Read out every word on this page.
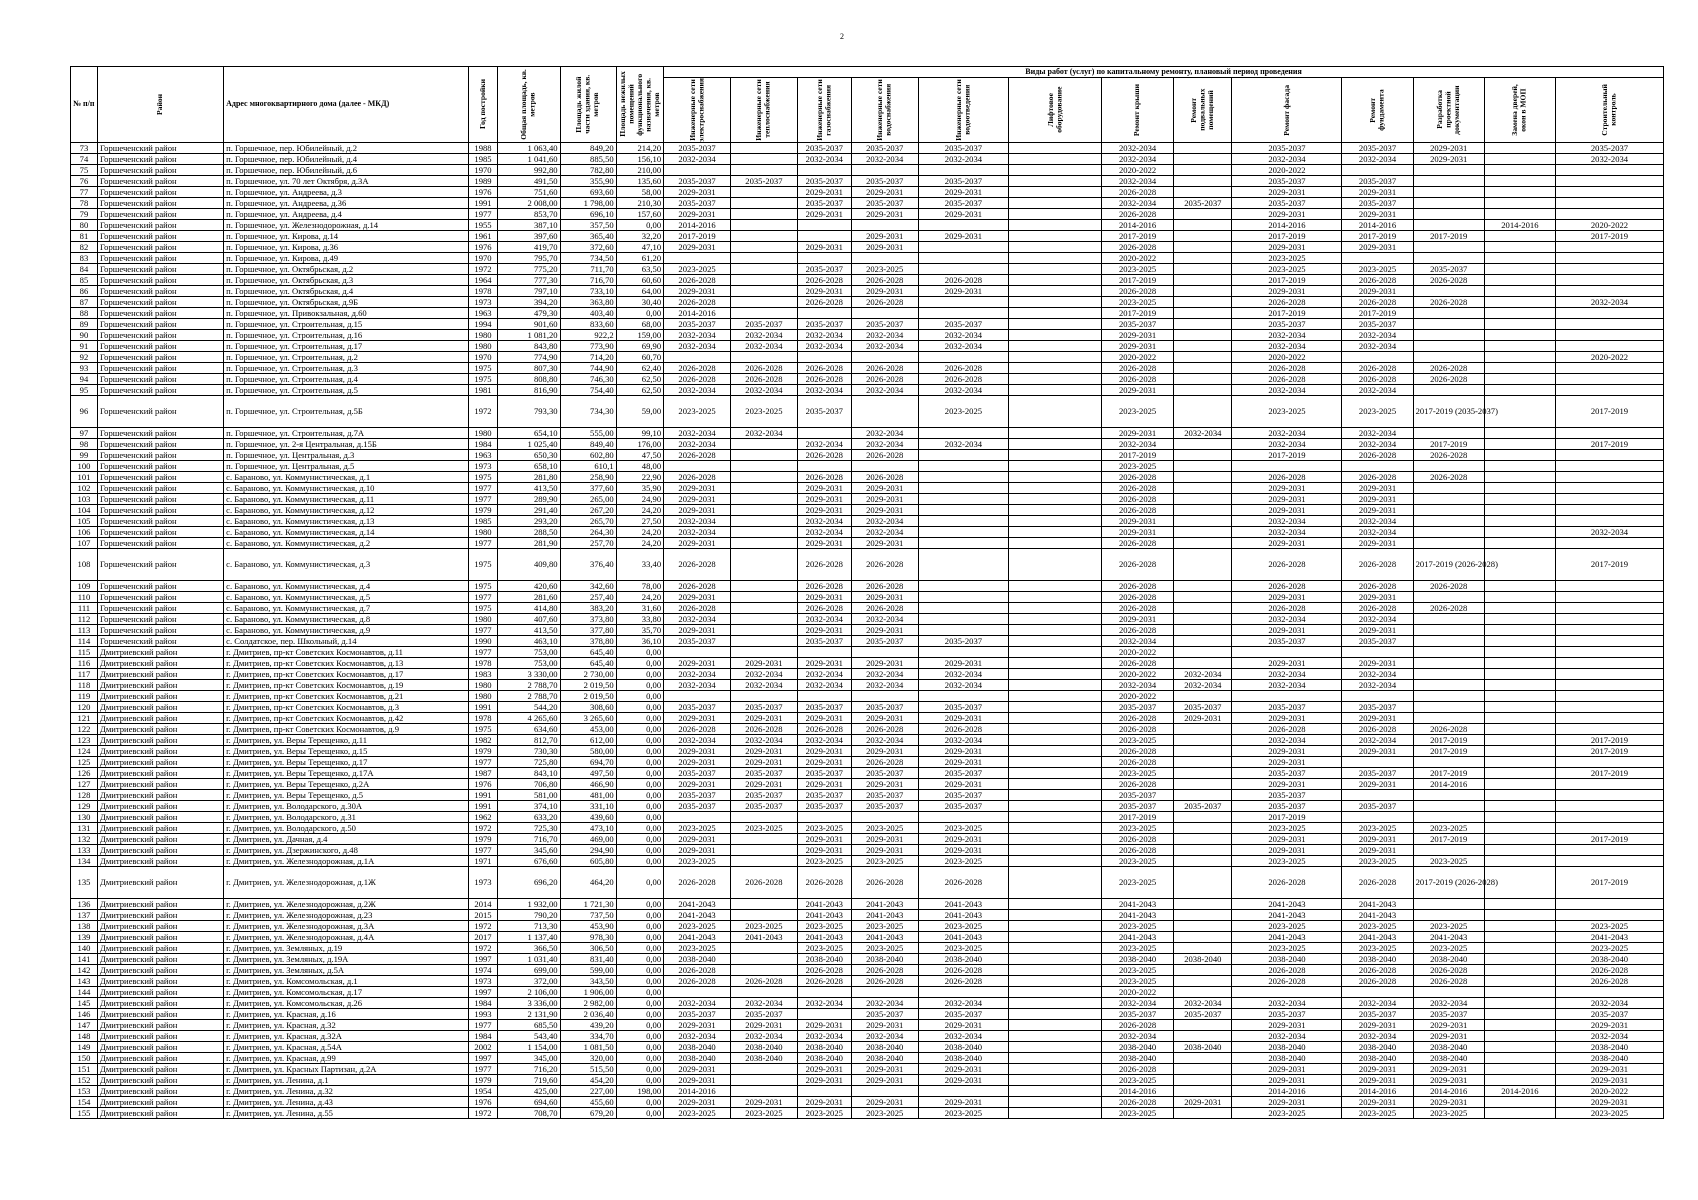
2
№ п/п	Район	Адрес многоквартирного дома (далее - МКД)	Год постройки	Общая площадь, кв. метров	Площадь жилой части здания, кв. метров	Площадь нежилых помещений функционального назначения, кв. метров	Виды работ (услуг) по капитальному ремонту, плановый период проведения												

							Инженерные сети электроснабжения	Инженерные сети теплоснабжения	Инженерные сети газоснабжения	Инженерные сети водоснабжения	Инженерные сети водоотведения	Лифтовое оборудование	Ремонт крыши	Ремонт подвальных помещений	Ремонт фасада	Ремонт фундамента	Разработка проектной документации	Замена дверей, окон в МОП	Строительный контроль

73	Горшеченский район	п. Горшечное, пер. Юбилейный, д.2	1988	1 063,40	849,20	214,20	2035-2037		2035-2037	2035-2037	2035-2037		2032-2034		2035-2037	2035-2037	2029-2031		2035-2037
74	Горшеченский район	п. Горшечное, пер. Юбилейный, д.4	1985	1 041,60	885,50	156,10	2032-2034		2032-2034	2032-2034	2032-2034		2032-2034		2032-2034	2032-2034	2029-2031		2032-2034
75	Горшеченский район	п. Горшечное, пер. Юбилейный, д.6	1970	992,80	782,80	210,00							2020-2022		2020-2022				
76	Горшеченский район	п. Горшечное, ул. 70 лет Октября, д.3А	1989	491,50	355,90	135,60	2035-2037	2035-2037	2035-2037	2035-2037	2035-2037		2032-2034		2035-2037	2035-2037			
77	Горшеченский район	п. Горшечное, ул. Андреева, д.3	1976	751,60	693,60	58,00	2029-2031		2029-2031	2029-2031	2029-2031		2026-2028		2029-2031	2029-2031			
78	Горшеченский район	п. Горшечное, ул. Андреева, д.36	1991	2 008,00	1 798,00	210,30	2035-2037		2035-2037	2035-2037	2035-2037		2032-2034	2035-2037	2035-2037	2035-2037			
79	Горшеченский район	п. Горшечное, ул. Андреева, д.4	1977	853,70	696,10	157,60	2029-2031		2029-2031	2029-2031	2029-2031		2026-2028		2029-2031	2029-2031			
80	Горшеченский район	п. Горшечное, ул. Железнодорожная, д.14	1955	387,10	357,50	0,00	2014-2016						2014-2016		2014-2016	2014-2016		2014-2016	2020-2022
81	Горшеченский район	п. Горшечное, ул. Кирова, д.14	1961	397,60	365,40	32,20	2017-2019			2029-2031	2029-2031		2017-2019		2017-2019	2017-2019	2017-2019		2017-2019
82	Горшеченский район	п. Горшечное, ул. Кирова, д.36	1976	419,70	372,60	47,10	2029-2031		2029-2031	2029-2031			2026-2028		2029-2031	2029-2031			
83	Горшеченский район	п. Горшечное, ул. Кирова, д.49	1970	795,70	734,50	61,20							2020-2022		2023-2025				
84	Горшеченский район	п. Горшечное, ул. Октябрьская, д.2	1972	775,20	711,70	63,50	2023-2025		2035-2037	2023-2025			2023-2025		2023-2025	2023-2025	2035-2037		
85	Горшеченский район	п. Горшечное, ул. Октябрьская, д.3	1964	777,30	716,70	60,60	2026-2028		2026-2028	2026-2028	2026-2028		2017-2019		2017-2019	2026-2028	2026-2028		
86	Горшеченский район	п. Горшечное, ул. Октябрьская, д.4	1978	797,10	733,10	64,00	2029-2031		2029-2031	2029-2031	2029-2031		2026-2028		2029-2031	2029-2031			
87	Горшеченский район	п. Горшечное, ул. Октябрьская, д.9Б	1973	394,20	363,80	30,40	2026-2028		2026-2028	2026-2028			2023-2025		2026-2028	2026-2028	2026-2028		2032-2034
88	Горшеченский район	п. Горшечное, ул. Привокзальная, д.60	1963	479,30	403,40	0,00	2014-2016						2017-2019		2017-2019	2017-2019			
89	Горшеченский район	п. Горшечное, ул. Строительная, д.15	1994	901,60	833,60	68,00	2035-2037	2035-2037	2035-2037	2035-2037	2035-2037		2035-2037		2035-2037	2035-2037			
90	Горшеченский район	п. Горшечное, ул. Строительная, д.16	1980	1 081,20	922,2	159,00	2032-2034	2032-2034	2032-2034	2032-2034	2032-2034		2029-2031		2032-2034	2032-2034			
91	Горшеченский район	п. Горшечное, ул. Строительная, д.17	1980	843,80	773,90	69,90	2032-2034	2032-2034	2032-2034	2032-2034	2032-2034		2029-2031		2032-2034	2032-2034			
92	Горшеченский район	п. Горшечное, ул. Строительная, д.2	1970	774,90	714,20	60,70							2020-2022		2020-2022				2020-2022
93	Горшеченский район	п. Горшечное, ул. Строительная, д.3	1975	807,30	744,90	62,40	2026-2028	2026-2028	2026-2028	2026-2028	2026-2028		2026-2028		2026-2028	2026-2028	2026-2028		
94	Горшеченский район	п. Горшечное, ул. Строительная, д.4	1975	808,80	746,30	62,50	2026-2028	2026-2028	2026-2028	2026-2028	2026-2028		2026-2028		2026-2028	2026-2028	2026-2028		
95	Горшеченский район	п. Горшечное, ул. Строительная, д.5	1981	816,90	754,40	62,50	2032-2034	2032-2034	2032-2034	2032-2034	2032-2034		2029-2031		2032-2034	2032-2034			
96	Горшеченский район	п. Горшечное, ул. Строительная, д.5Б	1972	793,30	734,30	59,00	2023-2025	2023-2025	2035-2037		2023-2025		2023-2025		2023-2025	2023-2025	2017-2019 (2035-2037)		2017-2019
97	Горшеченский район	п. Горшечное, ул. Строительная, д.7А	1980	654,10	555,00	99,10	2032-2034	2032-2034		2032-2034			2029-2031	2032-2034	2032-2034	2032-2034			
98	Горшеченский район	п. Горшечное, ул. 2-я Центральная, д.15Б	1984	1 025,40	849,40	176,00	2032-2034		2032-2034	2032-2034	2032-2034		2032-2034		2032-2034	2032-2034	2017-2019		2017-2019
99	Горшеченский район	п. Горшечное, ул. Центральная, д.3	1963	650,30	602,80	47,50	2026-2028		2026-2028	2026-2028			2017-2019		2017-2019	2026-2028	2026-2028		
100	Горшеченский район	п. Горшечное, ул. Центральная, д.5	1973	658,10	610,1	48,00							2023-2025						
101	Горшеченский район	с. Бараново, ул. Коммунистическая, д.1	1975	281,80	258,90	22,90	2026-2028		2026-2028	2026-2028			2026-2028		2026-2028	2026-2028	2026-2028		
102	Горшеченский район	с. Бараново, ул. Коммунистическая, д.10	1977	413,50	377,60	35,90	2029-2031		2029-2031	2029-2031			2026-2028		2029-2031	2029-2031			
103	Горшеченский район	с. Бараново, ул. Коммунистическая, д.11	1977	289,90	265,00	24,90	2029-2031		2029-2031	2029-2031			2026-2028		2029-2031	2029-2031			
104	Горшеченский район	с. Бараново, ул. Коммунистическая, д.12	1979	291,40	267,20	24,20	2029-2031		2029-2031	2029-2031			2026-2028		2029-2031	2029-2031			
105	Горшеченский район	с. Бараново, ул. Коммунистическая, д.13	1985	293,20	265,70	27,50	2032-2034		2032-2034	2032-2034			2029-2031		2032-2034	2032-2034			
106	Горшеченский район	с. Бараново, ул. Коммунистическая, д.14	1980	288,50	264,30	24,20	2032-2034		2032-2034	2032-2034			2029-2031		2032-2034	2032-2034			2032-2034
107	Горшеченский район	с. Бараново, ул. Коммунистическая, д.2	1977	281,90	257,70	24,20	2029-2031		2029-2031	2029-2031			2026-2028		2029-2031	2029-2031			
108	Горшеченский район	с. Бараново, ул. Коммунистическая, д.3	1975	409,80	376,40	33,40	2026-2028		2026-2028	2026-2028			2026-2028		2026-2028	2026-2028	2017-2019 (2026-2028)		2017-2019
109	Горшеченский район	с. Бараново, ул. Коммунистическая, д.4	1975	420,60	342,60	78,00	2026-2028		2026-2028	2026-2028			2026-2028		2026-2028	2026-2028	2026-2028		
110	Горшеченский район	с. Бараново, ул. Коммунистическая, д.5	1977	281,60	257,40	24,20	2029-2031		2029-2031	2029-2031			2026-2028		2029-2031	2029-2031			
111	Горшеченский район	с. Бараново, ул. Коммунистическая, д.7	1975	414,80	383,20	31,60	2026-2028		2026-2028	2026-2028			2026-2028		2026-2028	2026-2028	2026-2028		
112	Горшеченский район	с. Бараново, ул. Коммунистическая, д.8	1980	407,60	373,80	33,80	2032-2034		2032-2034	2032-2034			2029-2031		2032-2034	2032-2034			
113	Горшеченский район	с. Бараново, ул. Коммунистическая, д.9	1977	413,50	377,80	35,70	2029-2031		2029-2031	2029-2031			2026-2028		2029-2031	2029-2031			
114	Горшеченский район	с. Солдатское, пер. Школьный, д.14	1990	463,10	378,80	36,10	2035-2037		2035-2037	2035-2037	2035-2037		2032-2034		2035-2037	2035-2037			
115	Дмитриевский район	г. Дмитриев, пр-кт Советских Космонавтов, д.11	1977	753,00	645,40	0,00							2020-2022						
116	Дмитриевский район	г. Дмитриев, пр-кт Советских Космонавтов, д.13	1978	753,00	645,40	0,00	2029-2031	2029-2031	2029-2031	2029-2031	2029-2031		2026-2028		2029-2031	2029-2031			
117	Дмитриевский район	г. Дмитриев, пр-кт Советских Космонавтов, д.17	1983	3 330,00	2 730,00	0,00	2032-2034	2032-2034	2032-2034	2032-2034	2032-2034		2020-2022	2032-2034	2032-2034	2032-2034			
118	Дмитриевский район	г. Дмитриев, пр-кт Советских Космонавтов, д.19	1980	2 788,70	2 019,50	0,00	2032-2034	2032-2034	2032-2034	2032-2034	2032-2034		2032-2034	2032-2034	2032-2034	2032-2034			
119	Дмитриевский район	г. Дмитриев, пр-кт Советских Космонавтов, д.21	1980	2 788,70	2 019,50	0,00							2020-2022						
120	Дмитриевский район	г. Дмитриев, пр-кт Советских Космонавтов, д.3	1991	544,20	308,60	0,00	2035-2037	2035-2037	2035-2037	2035-2037	2035-2037		2035-2037	2035-2037	2035-2037	2035-2037			
121	Дмитриевский район	г. Дмитриев, пр-кт Советских Космонавтов, д.42	1978	4 265,60	3 265,60	0,00	2029-2031	2029-2031	2029-2031	2029-2031	2029-2031		2026-2028	2029-2031	2029-2031	2029-2031			
122	Дмитриевский район	г. Дмитриев, пр-кт Советских Космонавтов, д.9	1975	634,60	453,00	0,00	2026-2028	2026-2028	2026-2028	2026-2028	2026-2028		2026-2028		2026-2028	2026-2028	2026-2028		
123	Дмитриевский район	г. Дмитриев, ул. Веры Терещенко, д.11	1982	812,70	612,00	0,00	2032-2034	2032-2034	2032-2034	2032-2034	2032-2034		2023-2025		2032-2034	2032-2034	2017-2019		2017-2019
124	Дмитриевский район	г. Дмитриев, ул. Веры Терещенко, д.15	1979	730,30	580,00	0,00	2029-2031	2029-2031	2029-2031	2029-2031	2029-2031		2026-2028		2029-2031	2029-2031	2017-2019		2017-2019
125	Дмитриевский район	г. Дмитриев, ул. Веры Терещенко, д.17	1977	725,80	694,70	0,00	2029-2031	2029-2031	2029-2031	2026-2028	2029-2031		2026-2028		2029-2031				
126	Дмитриевский район	г. Дмитриев, ул. Веры Терещенко, д.17А	1987	843,10	497,50	0,00	2035-2037	2035-2037	2035-2037	2035-2037	2035-2037		2023-2025		2035-2037	2035-2037	2017-2019		2017-2019
127	Дмитриевский район	г. Дмитриев, ул. Веры Терещенко, д.2А	1976	706,80	466,90	0,00	2029-2031	2029-2031	2029-2031	2029-2031	2029-2031		2026-2028		2029-2031	2029-2031	2014-2016		
128	Дмитриевский район	г. Дмитриев, ул. Веры Терещенко, д.5	1991	581,00	481,00	0,00	2035-2037	2035-2037	2035-2037	2035-2037	2035-2037		2035-2037		2035-2037				
129	Дмитриевский район	г. Дмитриев, ул. Володарского, д.30А	1991	374,10	331,10	0,00	2035-2037	2035-2037	2035-2037	2035-2037	2035-2037		2035-2037	2035-2037	2035-2037	2035-2037			
130	Дмитриевский район	г. Дмитриев, ул. Володарского, д.31	1962	633,20	439,60	0,00							2017-2019		2017-2019				
131	Дмитриевский район	г. Дмитриев, ул. Володарского, д.50	1972	725,30	473,10	0,00	2023-2025	2023-2025	2023-2025	2023-2025	2023-2025		2023-2025		2023-2025	2023-2025	2023-2025		
132	Дмитриевский район	г. Дмитриев, ул. Дачная, д.4	1979	716,70	469,00	0,00	2029-2031		2029-2031	2029-2031	2029-2031		2026-2028		2029-2031	2029-2031	2017-2019		2017-2019
133	Дмитриевский район	г. Дмитриев, ул. Дзержинского, д.48	1977	345,60	294,90	0,00	2029-2031		2029-2031	2029-2031	2029-2031		2026-2028		2029-2031	2029-2031			
134	Дмитриевский район	г. Дмитриев, ул. Железнодорожная, д.1А	1971	676,60	605,80	0,00	2023-2025		2023-2025	2023-2025	2023-2025		2023-2025		2023-2025	2023-2025	2023-2025		
135	Дмитриевский район	г. Дмитриев, ул. Железнодорожная, д.1Ж	1973	696,20	464,20	0,00	2026-2028	2026-2028	2026-2028	2026-2028	2026-2028		2023-2025		2026-2028	2026-2028	2017-2019 (2026-2028)		2017-2019
136	Дмитриевский район	г. Дмитриев, ул. Железнодорожная, д.2Ж	2014	1 932,00	1 721,30	0,00	2041-2043		2041-2043	2041-2043	2041-2043		2041-2043		2041-2043	2041-2043			
137	Дмитриевский район	г. Дмитриев, ул. Железнодорожная, д.23	2015	790,20	737,50	0,00	2041-2043		2041-2043	2041-2043	2041-2043		2041-2043		2041-2043	2041-2043			
138	Дмитриевский район	г. Дмитриев, ул. Железнодорожная, д.3А	1972	713,30	453,90	0,00	2023-2025	2023-2025	2023-2025	2023-2025	2023-2025		2023-2025		2023-2025	2023-2025	2023-2025		2023-2025
139	Дмитриевский район	г. Дмитриев, ул. Железнодорожная, д.4А	2017	1 137,40	978,30	0,00	2041-2043	2041-2043	2041-2043	2041-2043	2041-2043		2041-2043		2041-2043	2041-2043	2041-2043		2041-2043
140	Дмитриевский район	г. Дмитриев, ул. Земляных, д.19	1972	366,50	306,50	0,00	2023-2025		2023-2025	2023-2025	2023-2025		2023-2025		2023-2025	2023-2025	2023-2025		2023-2025
141	Дмитриевский район	г. Дмитриев, ул. Земляных, д.19А	1997	1 031,40	831,40	0,00	2038-2040		2038-2040	2038-2040	2038-2040		2038-2040	2038-2040	2038-2040	2038-2040	2038-2040		2038-2040
142	Дмитриевский район	г. Дмитриев, ул. Земляных, д.5А	1974	699,00	599,00	0,00	2026-2028		2026-2028	2026-2028	2026-2028		2023-2025		2026-2028	2026-2028	2026-2028		2026-2028
143	Дмитриевский район	г. Дмитриев, ул. Комсомольская, д.1	1973	372,00	343,50	0,00	2026-2028	2026-2028	2026-2028	2026-2028	2026-2028		2023-2025		2026-2028	2026-2028	2026-2028		2026-2028
144	Дмитриевский район	г. Дмитриев, ул. Комсомольская, д.17	1997	2 106,00	1 906,00	0,00							2020-2022						
145	Дмитриевский район	г. Дмитриев, ул. Комсомольская, д.26	1984	3 336,00	2 982,00	0,00	2032-2034	2032-2034	2032-2034	2032-2034	2032-2034		2032-2034	2032-2034	2032-2034	2032-2034	2032-2034		2032-2034
146	Дмитриевский район	г. Дмитриев, ул. Красная, д.16	1993	2 131,90	2 036,40	0,00	2035-2037	2035-2037		2035-2037	2035-2037		2035-2037	2035-2037	2035-2037	2035-2037	2035-2037		2035-2037
147	Дмитриевский район	г. Дмитриев, ул. Красная, д.32	1977	685,50	439,20	0,00	2029-2031	2029-2031	2029-2031	2029-2031	2029-2031		2026-2028		2029-2031	2029-2031	2029-2031		2029-2031
148	Дмитриевский район	г. Дмитриев, ул. Красная, д.32А	1984	543,40	334,70	0,00	2032-2034	2032-2034	2032-2034	2032-2034	2032-2034		2032-2034		2032-2034	2032-2034	2029-2031		2032-2034
149	Дмитриевский район	г. Дмитриев, ул. Красная, д.54А	2002	1 154,00	1 081,50	0,00	2038-2040	2038-2040	2038-2040	2038-2040	2038-2040		2038-2040	2038-2040	2038-2040	2038-2040	2038-2040		2038-2040
150	Дмитриевский район	г. Дмитриев, ул. Красная, д.99	1997	345,00	320,00	0,00	2038-2040	2038-2040	2038-2040	2038-2040	2038-2040		2038-2040		2038-2040	2038-2040	2038-2040		2038-2040
151	Дмитриевский район	г. Дмитриев, ул. Красных Партизан, д.2А	1977	716,20	515,50	0,00	2029-2031		2029-2031	2029-2031	2029-2031		2026-2028		2029-2031	2029-2031	2029-2031		2029-2031
152	Дмитриевский район	г. Дмитриев, ул. Ленина, д.1	1979	719,60	454,20	0,00	2029-2031		2029-2031	2029-2031	2029-2031		2023-2025		2029-2031	2029-2031	2029-2031		2029-2031
153	Дмитриевский район	г. Дмитриев, ул. Ленина, д.32	1954	425,00	227,00	198,00	2014-2016						2014-2016		2014-2016	2014-2016	2014-2016	2014-2016	2020-2022
154	Дмитриевский район	г. Дмитриев, ул. Ленина, д.43	1976	694,60	455,60	0,00	2029-2031	2029-2031	2029-2031	2029-2031	2029-2031		2026-2028	2029-2031	2029-2031	2029-2031	2029-2031		2029-2031
155	Дмитриевский район	г. Дмитриев, ул. Ленина, д.55	1972	708,70	679,20	0,00	2023-2025	2023-2025	2023-2025	2023-2025	2023-2025		2023-2025		2023-2025	2023-2025	2023-2025		2023-2025
